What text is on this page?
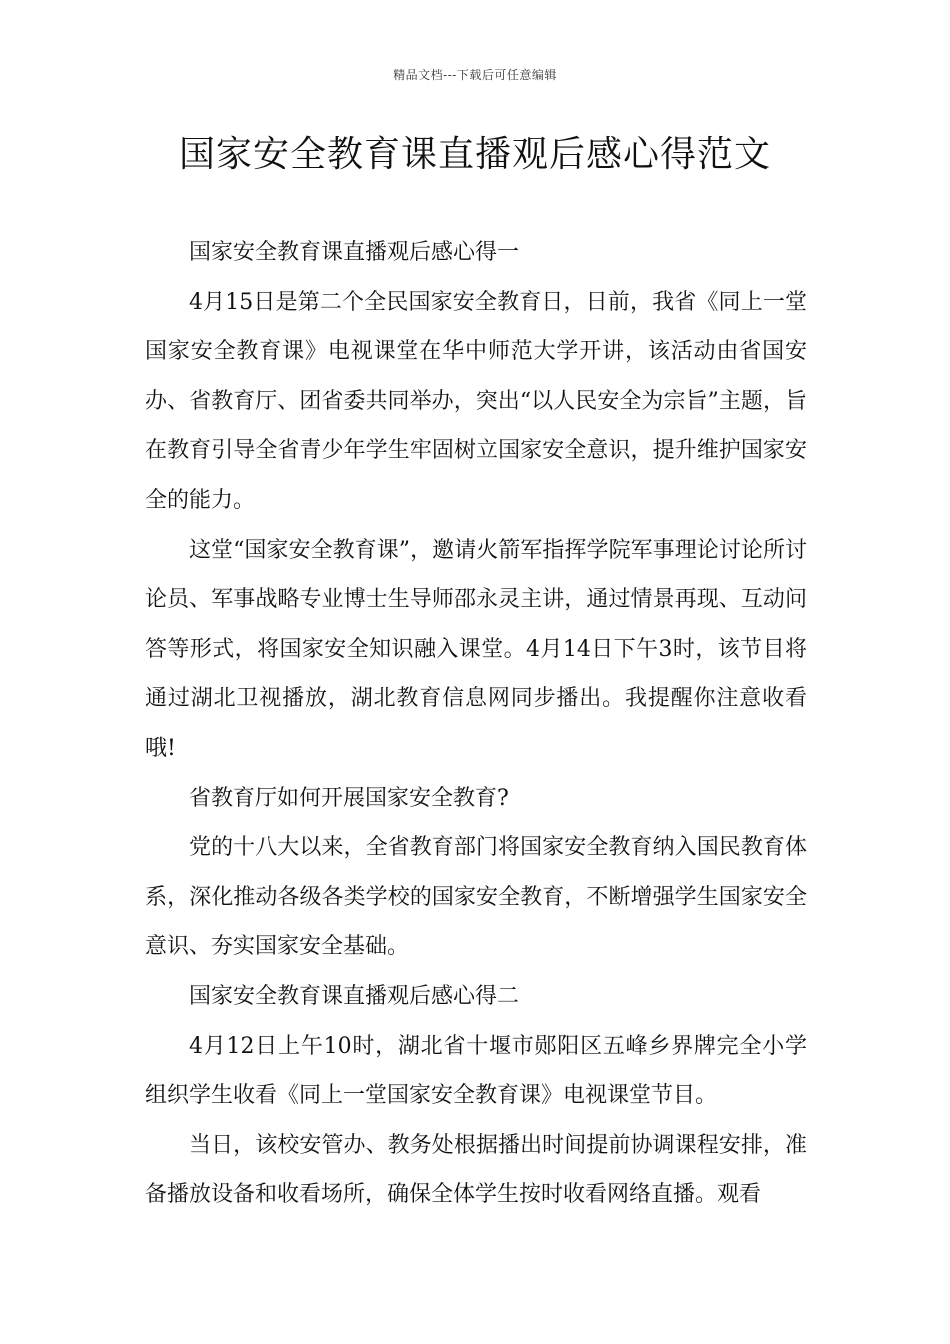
精品文档---下载后可任意编辑
国家安全教育课直播观后感心得范文

国家安全教育课直播观后感心得一

4月15日是第二个全民国家安全教育日，日前，我省《同上一堂国家安全教育课》电视课堂在华中师范大学开讲，该活动由省国安办、省教育厅、团省委共同举办，突出“以人民安全为宗旨”主题，旨在教育引导全省青少年学生牢固树立国家安全意识，提升维护国家安全的能力。

这堂“国家安全教育课”，邀请火箭军指挥学院军事理论讨论所讨论员、军事战略专业博士生导师邵永灵主讲，通过情景再现、互动问答等形式，将国家安全知识融入课堂。4月14日下午3时，该节目将通过湖北卫视播放，湖北教育信息网同步播出。我提醒你注意收看哦!

省教育厅如何开展国家安全教育?

党的十八大以来，全省教育部门将国家安全教育纳入国民教育体系，深化推动各级各类学校的国家安全教育，不断增强学生国家安全意识、夯实国家安全基础。

国家安全教育课直播观后感心得二

4月12日上午10时，湖北省十堰市郧阳区五峰乡界牌完全小学组织学生收看《同上一堂国家安全教育课》电视课堂节目。

当日，该校安管办、教务处根据播出时间提前协调课程安排，准备播放设备和收看场所，确保全体学生按时收看网络直播。观看
